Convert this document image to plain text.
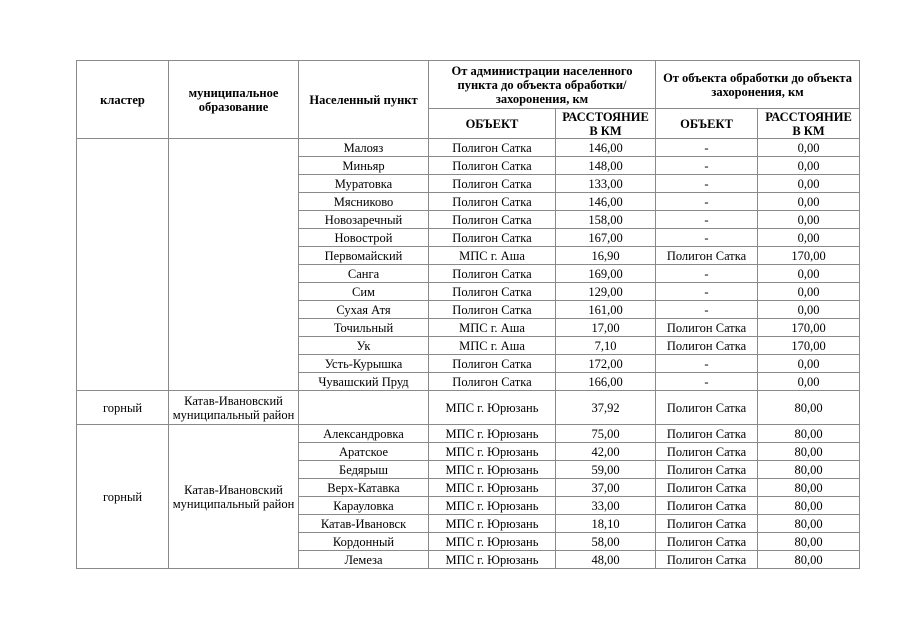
кластер	муниципальное образование	Населенный пункт	От администрации населенного пункта до объекта обработки/ захоронения, км		От объекта обработки до объекта захоронения, км	
			ОБЪЕКТ	РАССТОЯНИЕ В КМ	ОБЪЕКТ	РАССТОЯНИЕ В КМ
		Малояз	Полигон Сатка	146,00	-	0,00
		Миньяр	Полигон Сатка	148,00	-	0,00
		Муратовка	Полигон Сатка	133,00	-	0,00
		Мясниково	Полигон Сатка	146,00	-	0,00
		Новозаречный	Полигон Сатка	158,00	-	0,00
		Новострой	Полигон Сатка	167,00	-	0,00
		Первомайский	МПС г. Аша	16,90	Полигон Сатка	170,00
		Санга	Полигон Сатка	169,00	-	0,00
		Сим	Полигон Сатка	129,00	-	0,00
		Сухая Атя	Полигон Сатка	161,00	-	0,00
		Точильный	МПС г. Аша	17,00	Полигон Сатка	170,00
		Ук	МПС г. Аша	7,10	Полигон Сатка	170,00
		Усть-Курышка	Полигон Сатка	172,00	-	0,00
		Чувашский Пруд	Полигон Сатка	166,00	-	0,00
горный	Катав-Ивановский муниципальный район		МПС г. Юрюзань	37,92	Полигон Сатка	80,00
горный	Катав-Ивановский муниципальный район	Александровка	МПС г. Юрюзань	75,00	Полигон Сатка	80,00
		Аратское	МПС г. Юрюзань	42,00	Полигон Сатка	80,00
		Бедярыш	МПС г. Юрюзань	59,00	Полигон Сатка	80,00
		Верх-Катавка	МПС г. Юрюзань	37,00	Полигон Сатка	80,00
		Карауловка	МПС г. Юрюзань	33,00	Полигон Сатка	80,00
		Катав-Ивановск	МПС г. Юрюзань	18,10	Полигон Сатка	80,00
		Кордонный	МПС г. Юрюзань	58,00	Полигон Сатка	80,00
		Лемеза	МПС г. Юрюзань	48,00	Полигон Сатка	80,00
